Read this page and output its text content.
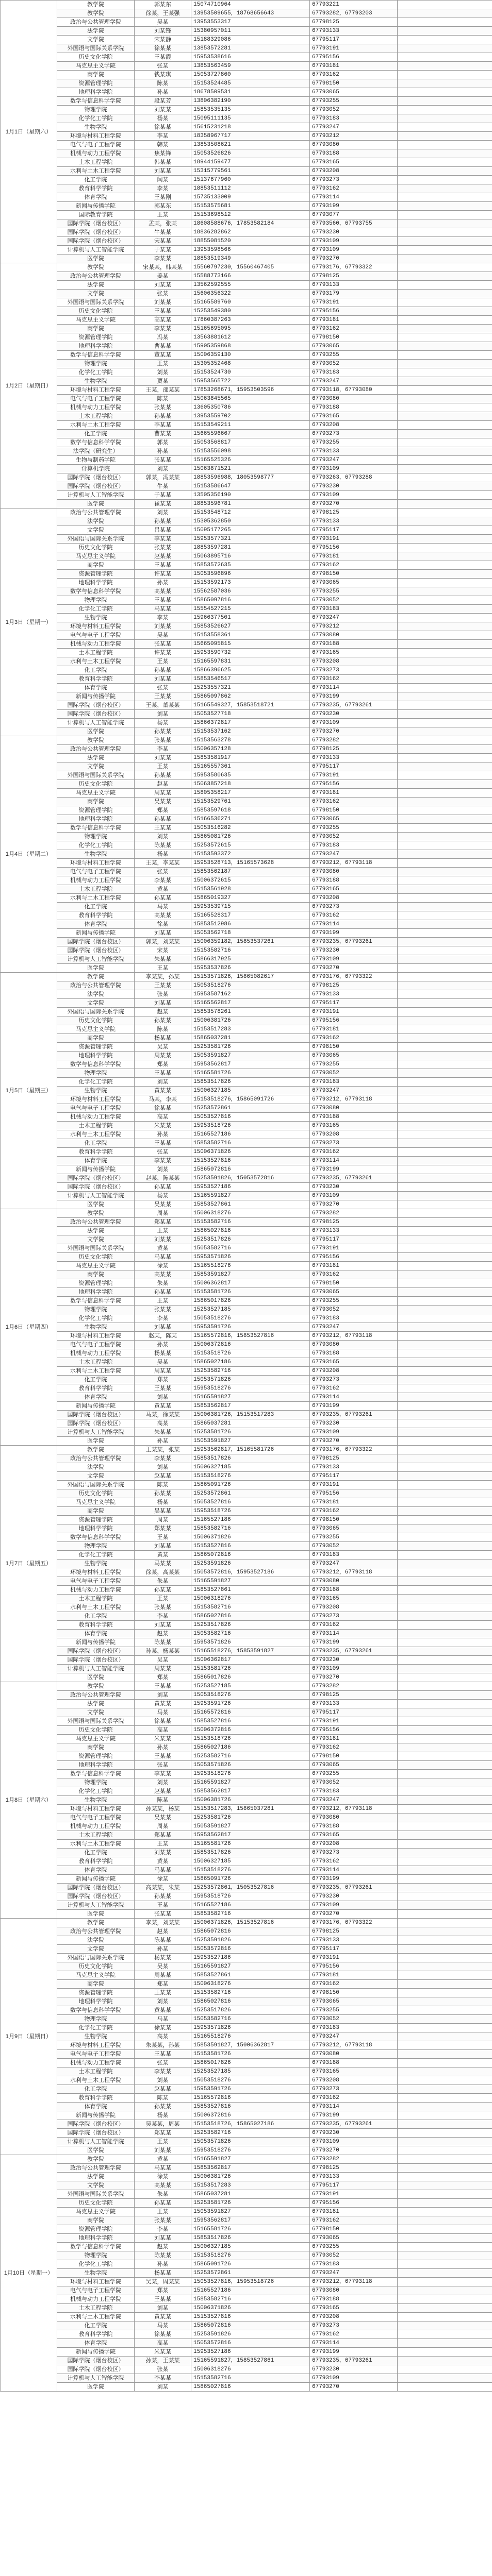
1月1日（星期六）	教学院	郭某东	15074710964	67793221	
	教学院	徐某，王某强	13953509655，18768656643	67793282，67793203	
	政治与公共管理学院	吴某	13953553317	67798125	
	法学院	刘某锋	15380957011	67793133	
	文学院	宋某静	15188329086	67795117	
	外国语与国际关系学院	徐某某	13853572281	67793191	
	历史文化学院	王某霞	15953538616	67795156	
	马克思主义学院	张某	13853563459	67793181	
	商学院	钱某琪	15053727860	67793162	
	资源管理学院	陈某	15153524485	67798150	
	地理科学学院	孙某	18678509531	67793065	
	数学与信息科学学院	段某芳	13806382190	67793255	
	物理学院	刘某某	15853535135	67793052	
	化学化工学院	杨某	15095111135	67793183	
	生物学院	徐某某	15615231218	67793247	
	环境与材料工程学院	李某	18358967717	67793212	
	电气与电子工程学院	韩某	13853508621	67793080	
	机械与动力工程学院	焦某锋	15053526826	67793188	
	土木工程学院	韩某某	18944159477	67793165	
	水利与土木工程学院	刘某某	15315779561	67793208	
	化工学院	闫某	15137677960	67793273	
	教育科学学院	李某	18853511112	67793162	
	体育学院	王某刚	15735133009	67793114	
	新闻与传播学院	郭某东	15153575681	67793199	
	国际教育学院	王某	15153698512	67793077	
	国际学院（烟台校区）	孟某，张某	18608588676，17853582184	67793560，67793755	
	国际学院（烟台校区）	牛某某	18836282862	67793230	
	国际学院（烟台校区）	宋某某	18855081520	67793109	
	计算机与人工智能学院	于某某	13953598566	67793109	
	医学院	李某某	18853519349	67793270	
1月2日（星期日）	教学院	宋某某，韩某某	15560797230，15560467405	67793176，67793322	
	政治与公共管理学院	姜某	15588773166	67798125	
	法学院	刘某某	13562592555	67793133	
	文学院	张某	15606356322	67793179	
	外国语与国际关系学院	刘某某	15165589760	67793191	
	历史文化学院	王某某	15253549380	67795156	
	马克思主义学院	高某某	17860387263	67793181	
	商学院	李某某	15165695095	67793162	
	资源管理学院	冯某	13563881612	67798150	
	地理科学学院	曹某某	15905359868	67793065	
	数学与信息科学学院	董某某	15006359130	67793255	
	物理学院	王某	15305352468	67793052	
	化学化工学院	刘某	15153524730	67793183	
	生物学院	贾某	15953565722	67793247	
	环境与材料工程学院	王某，邵某某	17853268671，15953503596	67793118，67793080	
	电气与电子工程学院	陈某	15063845565	67793080	
	机械与动力工程学院	张某某	13605350786	67793188	
	土木工程学院	孙某某	13953559702	67793165	
	水利与土木工程学院	李某某	15153549211	67793208	
	化工学院	曹某某	15665596667	67793273	
	数学与信息科学学院	郭某	15053568817	67793255	
	法学院（研究生）	孙某	15153556098	67793133	
	生物与制药学院	张某某	15165525326	67793247	
	计算机学院	刘某	15063871521	67793109	
	国际学院（烟台校区）	郭某，冯某某	18853596988，18053598777	67793263，67793288	
	国际学院（烟台校区）	牛某	15153586647	67793230	
	计算机与人工智能学院	于某某	13505356190	67793109	
	医学院	崔某某	18853596781	67793270	
1月3日（星期一）	政治与公共管理学院	刘某	15153548712	67798125	
	法学院	孙某某	15305362850	67793133	
	文学院	吕某某	15095177265	67795117	
	外国语与国际关系学院	李某某	15953577321	67793191	
	历史文化学院	张某某	18853597281	67795156	
	马克思主义学院	赵某某	15063895716	67793181	
	商学院	王某某	15853572635	67793162	
	资源管理学院	许某某	15053596896	67798150	
	地理科学学院	孙某	15153592173	67793065	
	数学与信息科学学院	高某某	15562587036	67793255	
	物理学院	王某某	15865097816	67793052	
	化学化工学院	马某某	15554527215	67793183	
	生物学院	李某	15966377501	67793247	
	环境与材料工程学院	刘某某	15853526627	67793212	
	电气与电子工程学院	吴某	15153558361	67793080	
	机械与动力工程学院	张某某	15665095815	67793188	
	土木工程学院	许某某	15953590732	67793165	
	水利与土木工程学院	王某	15165597831	67793208	
	化工学院	孙某某	15866396625	67793273	
	教育科学学院	刘某某	15853546517	67793162	
	体育学院	张某	15253557321	67793114	
	新闻与传播学院	王某某	15865097862	67793199	
	国际学院（烟台校区）	王某，董某某	15165549327，15853518721	67793235，67793261	
	国际学院（烟台校区）	刘某	15053527718	67793230	
	计算机与人工智能学院	杨某	15866372817	67793109	
	医学院	孙某某	15153537162	67793270	
1月4日（星期二）	教学院	张某某	15153563278	67793282	
	政治与公共管理学院	李某	15006357128	67798125	
	法学院	刘某某	15853581917	67793133	
	文学院	王某	15165557361	67795117	
	外国语与国际关系学院	孙某某	15953580635	67793191	
	历史文化学院	赵某	15063857218	67795156	
	马克思主义学院	周某某	15805358217	67793181	
	商学院	吴某某	15153529761	67793162	
	资源管理学院	郑某	15853597618	67798150	
	地理科学学院	孙某某	15166536271	67793065	
	数学与信息科学学院	王某某	15053516282	67793255	
	物理学院	刘某	15865081726	67793052	
	化学化工学院	陈某某	15253572615	67793183	
	生物学院	杨某	15153593372	67793247	
	环境与材料工程学院	王某，李某某	15953528713，15165573628	67793212，67793118	
	电气与电子工程学院	张某	15853562187	67793080	
	机械与动力工程学院	李某某	15006372615	67793188	
	土木工程学院	黄某	15153561928	67793165	
	水利与土木工程学院	孙某某	15865019327	67793208	
	化工学院	马某	15953539715	67793273	
	教育科学学院	高某某	15165528317	67793162	
	体育学院	徐某	15853512986	67793114	
	新闻与传播学院	刘某某	15053562718	67793199	
	国际学院（烟台校区）	郭某，刘某某	15006359182，15853537261	67793235，67793261	
	国际学院（烟台校区）	宋某	15153582716	67793230	
	计算机与人工智能学院	朱某某	15866317925	67793109	
	医学院	王某	15953537826	67793270	
1月5日（星期三）	教学院	李某某，孙某	15153571826，15865082617	67793176，67793322	
	政治与公共管理学院	王某某	15053518276	67798125	
	法学院	张某	15953587162	67793133	
	文学院	刘某某	15165562817	67795117	
	外国语与国际关系学院	赵某	15853578261	67793191	
	历史文化学院	孙某某	15006381726	67795156	
	马克思主义学院	陈某	15153517283	67793181	
	商学院	杨某某	15865037281	67793162	
	资源管理学院	吴某	15253581726	67798150	
	地理科学学院	周某某	15053591827	67793065	
	数学与信息科学学院	郑某	15953562817	67793255	
	物理学院	王某某	15165581726	67793052	
	化学化工学院	刘某	15853517826	67793183	
	生物学院	黄某某	15006327185	67793247	
	环境与材料工程学院	马某，李某	15153518276，15865091726	67793212，67793118	
	电气与电子工程学院	徐某某	15253572861	67793080	
	机械与动力工程学院	高某	15053527816	67793188	
	土木工程学院	朱某某	15953518726	67793165	
	水利与土木工程学院	孙某	15165527186	67793208	
	化工学院	王某某	15853582716	67793273	
	教育科学学院	张某	15006371826	67793162	
	体育学院	李某某	15153527816	67793114	
	新闻与传播学院	刘某	15865072816	67793199	
	国际学院（烟台校区）	赵某，陈某某	15253591826，15053572816	67793235，67793261	
	国际学院（烟台校区）	孙某某	15953527186	67793230	
	计算机与人工智能学院	杨某	15165591827	67793109	
	医学院	吴某某	15853527861	67793270	
1月6日（星期四）	教学院	周某	15006318276	67793282	
	政治与公共管理学院	郑某某	15153582716	67798125	
	法学院	王某	15865027816	67793133	
	文学院	刘某某	15253517826	67795117	
	外国语与国际关系学院	黄某	15053582716	67793191	
	历史文化学院	马某某	15953571826	67795156	
	马克思主义学院	徐某	15165518276	67793181	
	商学院	高某某	15853591827	67793162	
	资源管理学院	朱某	15006362817	67798150	
	地理科学学院	孙某某	15153581726	67793065	
	数学与信息科学学院	王某	15865017826	67793255	
	物理学院	张某某	15253527185	67793052	
	化学化工学院	李某	15053518276	67793183	
	生物学院	刘某某	15953591726	67793247	
	环境与材料工程学院	赵某，陈某	15165572816，15853527816	67793212，67793118	
	电气与电子工程学院	孙某	15006372816	67793080	
	机械与动力工程学院	杨某某	15153518726	67793188	
	土木工程学院	吴某	15865027186	67793165	
	水利与土木工程学院	周某某	15253582716	67793208	
	化工学院	郑某	15053571826	67793273	
	教育科学学院	王某某	15953518276	67793162	
	体育学院	刘某	15165591827	67793114	
	新闻与传播学院	黄某某	15853562817	67793199	
	国际学院（烟台校区）	马某，徐某某	15006381726，15153517283	67793235，67793261	
	国际学院（烟台校区）	高某	15865037281	67793230	
	计算机与人工智能学院	朱某某	15253581726	67793109	
	医学院	孙某	15053591827	67793270	
1月7日（星期五）	教学院	王某某，张某	15953562817，15165581726	67793176，67793322	
	政治与公共管理学院	李某某	15853517826	67798125	
	法学院	刘某	15006327185	67793133	
	文学院	赵某某	15153518276	67795117	
	外国语与国际关系学院	陈某	15865091726	67793191	
	历史文化学院	孙某某	15253572861	67795156	
	马克思主义学院	杨某	15053527816	67793181	
	商学院	吴某某	15953518726	67793162	
	资源管理学院	周某	15165527186	67798150	
	地理科学学院	郑某某	15853582716	67793065	
	数学与信息科学学院	王某	15006371826	67793255	
	物理学院	刘某某	15153527816	67793052	
	化学化工学院	黄某	15865072816	67793183	
	生物学院	马某某	15253591826	67793247	
	环境与材料工程学院	徐某，高某某	15053572816，15953527186	67793212，67793118	
	电气与电子工程学院	朱某	15165591827	67793080	
	机械与动力工程学院	孙某某	15853527861	67793188	
	土木工程学院	王某	15006318276	67793165	
	水利与土木工程学院	张某某	15153582716	67793208	
	化工学院	李某	15865027816	67793273	
	教育科学学院	刘某某	15253517826	67793162	
	体育学院	赵某	15053582716	67793114	
	新闻与传播学院	陈某某	15953571826	67793199	
	国际学院（烟台校区）	孙某，杨某某	15165518276，15853591827	67793235，67793261	
	国际学院（烟台校区）	吴某	15006362817	67793230	
	计算机与人工智能学院	周某某	15153581726	67793109	
	医学院	郑某	15865017826	67793270	
1月8日（星期六）	教学院	王某某	15253527185	67793282	
	政治与公共管理学院	刘某	15053518276	67798125	
	法学院	黄某某	15953591726	67793133	
	文学院	马某	15165572816	67795117	
	外国语与国际关系学院	徐某某	15853527816	67793191	
	历史文化学院	高某	15006372816	67795156	
	马克思主义学院	朱某某	15153518726	67793181	
	商学院	孙某	15865027186	67793162	
	资源管理学院	王某某	15253582716	67798150	
	地理科学学院	张某	15053571826	67793065	
	数学与信息科学学院	李某某	15953518276	67793255	
	物理学院	刘某	15165591827	67793052	
	化学化工学院	赵某某	15853562817	67793183	
	生物学院	陈某	15006381726	67793247	
	环境与材料工程学院	孙某某，杨某	15153517283，15865037281	67793212，67793118	
	电气与电子工程学院	吴某某	15253581726	67793080	
	机械与动力工程学院	周某	15053591827	67793188	
	土木工程学院	郑某某	15953562817	67793165	
	水利与土木工程学院	王某	15165581726	67793208	
	化工学院	刘某某	15853517826	67793273	
	教育科学学院	黄某	15006327185	67793162	
	体育学院	马某某	15153518276	67793114	
	新闻与传播学院	徐某	15865091726	67793199	
	国际学院（烟台校区）	高某某，朱某	15253572861，15053527816	67793235，67793261	
	国际学院（烟台校区）	孙某某	15953518726	67793230	
	计算机与人工智能学院	王某	15165527186	67793109	
	医学院	张某某	15853582716	67793270	
1月9日（星期日）	教学院	李某，刘某某	15006371826，15153527816	67793176，67793322	
	政治与公共管理学院	赵某	15865072816	67798125	
	法学院	陈某某	15253591826	67793133	
	文学院	孙某	15053572816	67795117	
	外国语与国际关系学院	杨某某	15953527186	67793191	
	历史文化学院	吴某	15165591827	67795156	
	马克思主义学院	周某某	15853527861	67793181	
	商学院	郑某	15006318276	67793162	
	资源管理学院	王某某	15153582716	67798150	
	地理科学学院	刘某	15865027816	67793065	
	数学与信息科学学院	黄某某	15253517826	67793255	
	物理学院	马某	15053582716	67793052	
	化学化工学院	徐某某	15953571826	67793183	
	生物学院	高某	15165518276	67793247	
	环境与材料工程学院	朱某某，孙某	15853591827，15006362817	67793212，67793118	
	电气与电子工程学院	王某某	15153581726	67793080	
	机械与动力工程学院	张某	15865017826	67793188	
	土木工程学院	李某某	15253527185	67793165	
	水利与土木工程学院	刘某	15053518276	67793208	
	化工学院	赵某某	15953591726	67793273	
	教育科学学院	陈某	15165572816	67793162	
	体育学院	孙某某	15853527816	67793114	
	新闻与传播学院	杨某	15006372816	67793199	
	国际学院（烟台校区）	吴某某，周某	15153518726，15865027186	67793235，67793261	
	国际学院（烟台校区）	郑某某	15253582716	67793230	
	计算机与人工智能学院	王某	15053571826	67793109	
	医学院	刘某某	15953518276	67793270	
1月10日（星期一）	教学院	黄某	15165591827	67793282	
	政治与公共管理学院	马某某	15853562817	67798125	
	法学院	徐某	15006381726	67793133	
	文学院	高某某	15153517283	67795117	
	外国语与国际关系学院	朱某	15865037281	67793191	
	历史文化学院	孙某某	15253581726	67795156	
	马克思主义学院	王某	15053591827	67793181	
	商学院	张某某	15953562817	67793162	
	资源管理学院	李某	15165581726	67798150	
	地理科学学院	刘某某	15853517826	67793065	
	数学与信息科学学院	赵某	15006327185	67793255	
	物理学院	陈某某	15153518276	67793052	
	化学化工学院	孙某	15865091726	67793183	
	生物学院	杨某某	15253572861	67793247	
	环境与材料工程学院	吴某，周某某	15053527816，15953518726	67793212，67793118	
	电气与电子工程学院	郑某	15165527186	67793080	
	机械与动力工程学院	王某某	15853582716	67793188	
	土木工程学院	刘某	15006371826	67793165	
	水利与土木工程学院	黄某某	15153527816	67793208	
	化工学院	马某	15865072816	67793273	
	教育科学学院	徐某某	15253591826	67793162	
	体育学院	高某	15053572816	67793114	
	新闻与传播学院	朱某某	15953527186	67793199	
	国际学院（烟台校区）	孙某，王某某	15165591827，15853527861	67793235，67793261	
	国际学院（烟台校区）	张某	15006318276	67793230	
	计算机与人工智能学院	李某某	15153582716	67793109	
	医学院	刘某	15865027816	67793270	
